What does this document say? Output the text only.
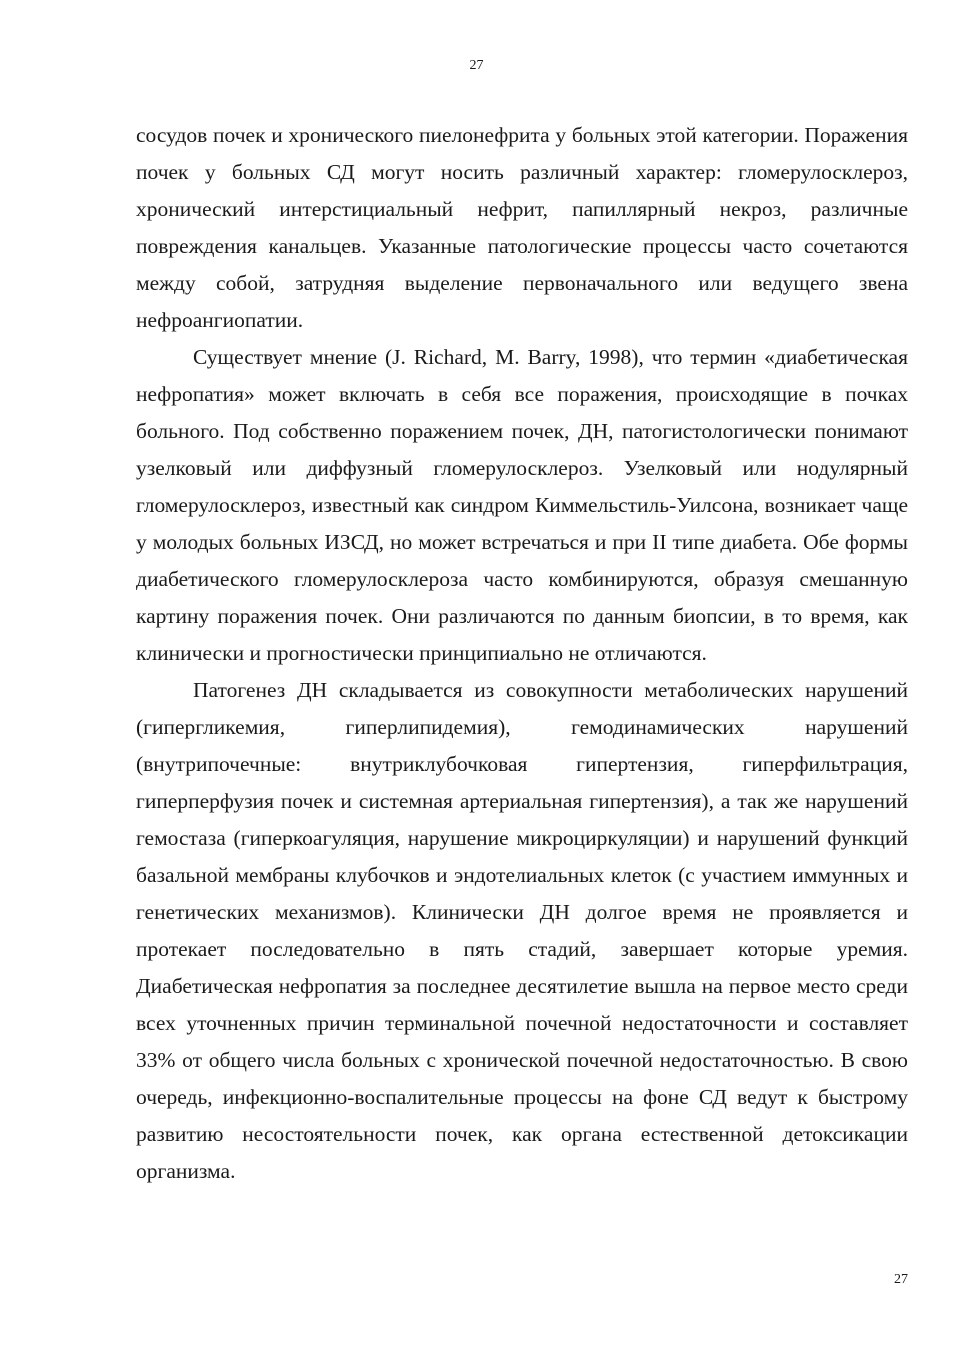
27

сосудов почек и хронического пиелонефрита у больных этой категории. Поражения почек у больных СД могут носить различный характер: гломерулосклероз, хронический интерстициальный нефрит, папиллярный некроз, различные повреждения канальцев. Указанные патологические процессы часто сочетаются между собой, затрудняя выделение первоначального или ведущего звена нефроангиопатии.

Существует мнение (J. Richard, M. Barry, 1998), что термин «диабетическая нефропатия» может включать в себя все поражения, происходящие в почках больного. Под собственно поражением почек, ДН, патогистологически понимают узелковый или диффузный гломерулосклероз. Узелковый или нодулярный гломерулосклероз, известный как синдром Киммельстиль-Уилсона, возникает чаще у молодых больных ИЗСД, но может встречаться и при II типе диабета. Обе формы диабетического гломерулосклероза часто комбинируются, образуя смешанную картину поражения почек. Они различаются по данным биопсии, в то время, как клинически и прогностически принципиально не отличаются.

Патогенез ДН складывается из совокупности метаболических нарушений (гипергликемия, гиперлипидемия), гемодинамических нарушений (внутрипочечные: внутриклубочковая гипертензия, гиперфильтрация, гиперперфузия почек и системная артериальная гипертензия), а так же нарушений гемостаза (гиперкоагуляция, нарушение микроциркуляции) и нарушений функций базальной мембраны клубочков и эндотелиальных клеток (с участием иммунных и генетических механизмов). Клинически ДН долгое время не проявляется и протекает последовательно в пять стадий, завершает которые уремия. Диабетическая нефропатия за последнее десятилетие вышла на первое место среди всех уточненных причин терминальной почечной недостаточности и составляет 33% от общего числа больных с хронической почечной недостаточностью. В свою очередь, инфекционно-воспалительные процессы на фоне СД ведут к быстрому развитию несостоятельности почек, как органа естественной детоксикации организма.

27
